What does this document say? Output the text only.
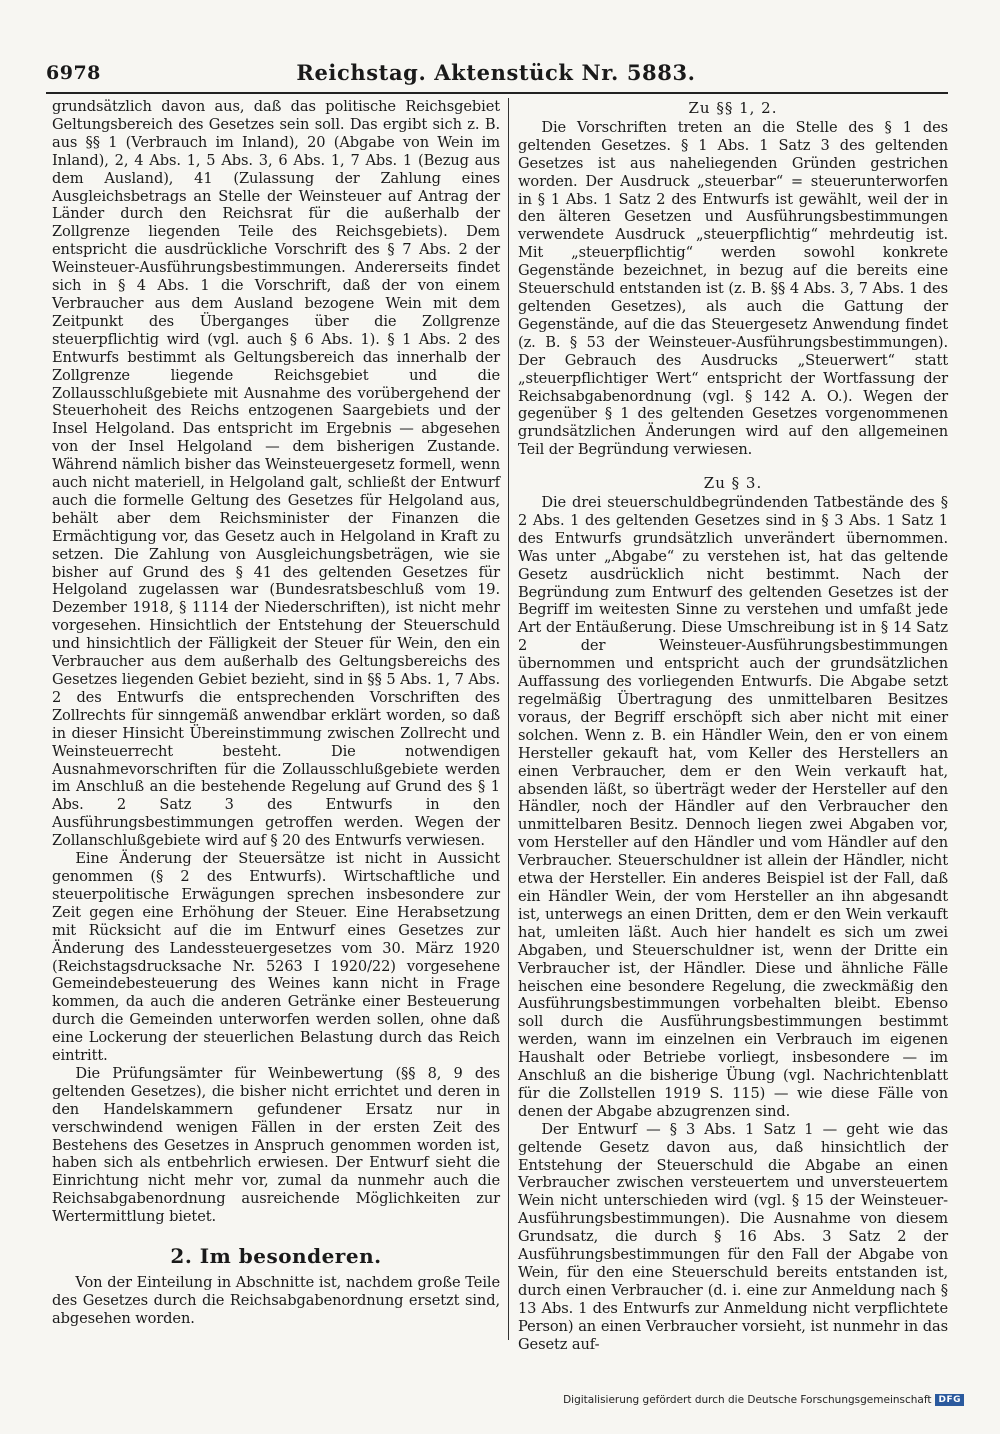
6978	Reichstag. Aktenstück Nr. 5883.

grundsätzlich davon aus, daß das politische Reichsgebiet Geltungsbereich des Gesetzes sein soll. Das ergibt sich z. B. aus §§ 1 (Verbrauch im Inland), 20 (Abgabe von Wein im Inland), 2, 4 Abs. 1, 5 Abs. 3, 6 Abs. 1, 7 Abs. 1 (Bezug aus dem Ausland), 41 (Zulassung der Zahlung eines Ausgleichsbetrags an Stelle der Weinsteuer auf Antrag der Länder durch den Reichsrat für die außerhalb der Zollgrenze liegenden Teile des Reichsgebiets). Dem entspricht die ausdrückliche Vorschrift des § 7 Abs. 2 der Weinsteuer-Ausführungsbestimmungen. Andererseits findet sich in § 4 Abs. 1 die Vorschrift, daß der von einem Verbraucher aus dem Ausland bezogene Wein mit dem Zeitpunkt des Überganges über die Zollgrenze steuerpflichtig wird (vgl. auch § 6 Abs. 1). § 1 Abs. 2 des Entwurfs bestimmt als Geltungsbereich das innerhalb der Zollgrenze liegende Reichsgebiet und die Zollausschlußgebiete mit Ausnahme des vorübergehend der Steuerhoheit des Reichs entzogenen Saargebiets und der Insel Helgoland. Das entspricht im Ergebnis — abgesehen von der Insel Helgoland — dem bisherigen Zustande. Während nämlich bisher das Weinsteuergesetz formell, wenn auch nicht materiell, in Helgoland galt, schließt der Entwurf auch die formelle Geltung des Gesetzes für Helgoland aus, behält aber dem Reichsminister der Finanzen die Ermächtigung vor, das Gesetz auch in Helgoland in Kraft zu setzen. Die Zahlung von Ausgleichungsbeträgen, wie sie bisher auf Grund des § 41 des geltenden Gesetzes für Helgoland zugelassen war (Bundesratsbeschluß vom 19. Dezember 1918, § 1114 der Niederschriften), ist nicht mehr vorgesehen. Hinsichtlich der Entstehung der Steuerschuld und hinsichtlich der Fälligkeit der Steuer für Wein, den ein Verbraucher aus dem außerhalb des Geltungsbereichs des Gesetzes liegenden Gebiet bezieht, sind in §§ 5 Abs. 1, 7 Abs. 2 des Entwurfs die entsprechenden Vorschriften des Zollrechts für sinngemäß anwendbar erklärt worden, so daß in dieser Hinsicht Übereinstimmung zwischen Zollrecht und Weinsteuerrecht besteht. Die notwendigen Ausnahmevorschriften für die Zollausschlußgebiete werden im Anschluß an die bestehende Regelung auf Grund des § 1 Abs. 2 Satz 3 des Entwurfs in den Ausführungsbestimmungen getroffen werden. Wegen der Zollanschlußgebiete wird auf § 20 des Entwurfs verwiesen.

Eine Änderung der Steuersätze ist nicht in Aussicht genommen (§ 2 des Entwurfs). Wirtschaftliche und steuerpolitische Erwägungen sprechen insbesondere zur Zeit gegen eine Erhöhung der Steuer. Eine Herabsetzung mit Rücksicht auf die im Entwurf eines Gesetzes zur Änderung des Landessteuergesetzes vom 30. März 1920 (Reichstagsdrucksache Nr. 5263 I 1920/22) vorgesehene Gemeindebesteuerung des Weines kann nicht in Frage kommen, da auch die anderen Getränke einer Besteuerung durch die Gemeinden unterworfen werden sollen, ohne daß eine Lockerung der steuerlichen Belastung durch das Reich eintritt.

Die Prüfungsämter für Weinbewertung (§§ 8, 9 des geltenden Gesetzes), die bisher nicht errichtet und deren in den Handelskammern gefundener Ersatz nur in verschwindend wenigen Fällen in der ersten Zeit des Bestehens des Gesetzes in Anspruch genommen worden ist, haben sich als entbehrlich erwiesen. Der Entwurf sieht die Einrichtung nicht mehr vor, zumal da nunmehr auch die Reichsabgabenordnung ausreichende Möglichkeiten zur Wertermittlung bietet.

2. Im besonderen.

Von der Einteilung in Abschnitte ist, nachdem große Teile des Gesetzes durch die Reichsabgabenordnung ersetzt sind, abgesehen worden.

Zu §§ 1, 2.

Die Vorschriften treten an die Stelle des § 1 des geltenden Gesetzes. § 1 Abs. 1 Satz 3 des geltenden Gesetzes ist aus naheliegenden Gründen gestrichen worden. Der Ausdruck „steuerbar“ = steuerunterworfen in § 1 Abs. 1 Satz 2 des Entwurfs ist gewählt, weil der in den älteren Gesetzen und Ausführungsbestimmungen verwendete Ausdruck „steuerpflichtig“ mehrdeutig ist. Mit „steuerpflichtig“ werden sowohl konkrete Gegenstände bezeichnet, in bezug auf die bereits eine Steuerschuld entstanden ist (z. B. §§ 4 Abs. 3, 7 Abs. 1 des geltenden Gesetzes), als auch die Gattung der Gegenstände, auf die das Steuergesetz Anwendung findet (z. B. § 53 der Weinsteuer-Ausführungsbestimmungen). Der Gebrauch des Ausdrucks „Steuerwert“ statt „steuerpflichtiger Wert“ entspricht der Wortfassung der Reichsabgabenordnung (vgl. § 142 A. O.). Wegen der gegenüber § 1 des geltenden Gesetzes vorgenommenen grundsätzlichen Änderungen wird auf den allgemeinen Teil der Begründung verwiesen.

Zu § 3.

Die drei steuerschuldbegründenden Tatbestände des § 2 Abs. 1 des geltenden Gesetzes sind in § 3 Abs. 1 Satz 1 des Entwurfs grundsätzlich unverändert übernommen. Was unter „Abgabe“ zu verstehen ist, hat das geltende Gesetz ausdrücklich nicht bestimmt. Nach der Begründung zum Entwurf des geltenden Gesetzes ist der Begriff im weitesten Sinne zu verstehen und umfaßt jede Art der Entäußerung. Diese Umschreibung ist in § 14 Satz 2 der Weinsteuer-Ausführungsbestimmungen übernommen und entspricht auch der grundsätzlichen Auffassung des vorliegenden Entwurfs. Die Abgabe setzt regelmäßig Übertragung des unmittelbaren Besitzes voraus, der Begriff erschöpft sich aber nicht mit einer solchen. Wenn z. B. ein Händler Wein, den er von einem Hersteller gekauft hat, vom Keller des Herstellers an einen Verbraucher, dem er den Wein verkauft hat, absenden läßt, so überträgt weder der Hersteller auf den Händler, noch der Händler auf den Verbraucher den unmittelbaren Besitz. Dennoch liegen zwei Abgaben vor, vom Hersteller auf den Händler und vom Händler auf den Verbraucher. Steuerschuldner ist allein der Händler, nicht etwa der Hersteller. Ein anderes Beispiel ist der Fall, daß ein Händler Wein, der vom Hersteller an ihn abgesandt ist, unterwegs an einen Dritten, dem er den Wein verkauft hat, umleiten läßt. Auch hier handelt es sich um zwei Abgaben, und Steuerschuldner ist, wenn der Dritte ein Verbraucher ist, der Händler. Diese und ähnliche Fälle heischen eine besondere Regelung, die zweckmäßig den Ausführungsbestimmungen vorbehalten bleibt. Ebenso soll durch die Ausführungsbestimmungen bestimmt werden, wann im einzelnen ein Verbrauch im eigenen Haushalt oder Betriebe vorliegt, insbesondere — im Anschluß an die bisherige Übung (vgl. Nachrichtenblatt für die Zollstellen 1919 S. 115) — wie diese Fälle von denen der Abgabe abzugrenzen sind.

Der Entwurf — § 3 Abs. 1 Satz 1 — geht wie das geltende Gesetz davon aus, daß hinsichtlich der Entstehung der Steuerschuld die Abgabe an einen Verbraucher zwischen versteuertem und unversteuertem Wein nicht unterschieden wird (vgl. § 15 der Weinsteuer-Ausführungsbestimmungen). Die Ausnahme von diesem Grundsatz, die durch § 16 Abs. 3 Satz 2 der Ausführungsbestimmungen für den Fall der Abgabe von Wein, für den eine Steuerschuld bereits entstanden ist, durch einen Verbraucher (d. i. eine zur Anmeldung nach § 13 Abs. 1 des Entwurfs zur Anmeldung nicht verpflichtete Person) an einen Verbraucher vorsieht, ist nunmehr in das Gesetz auf-

Digitalisierung gefördert durch die Deutsche Forschungsgemeinschaft DFG
